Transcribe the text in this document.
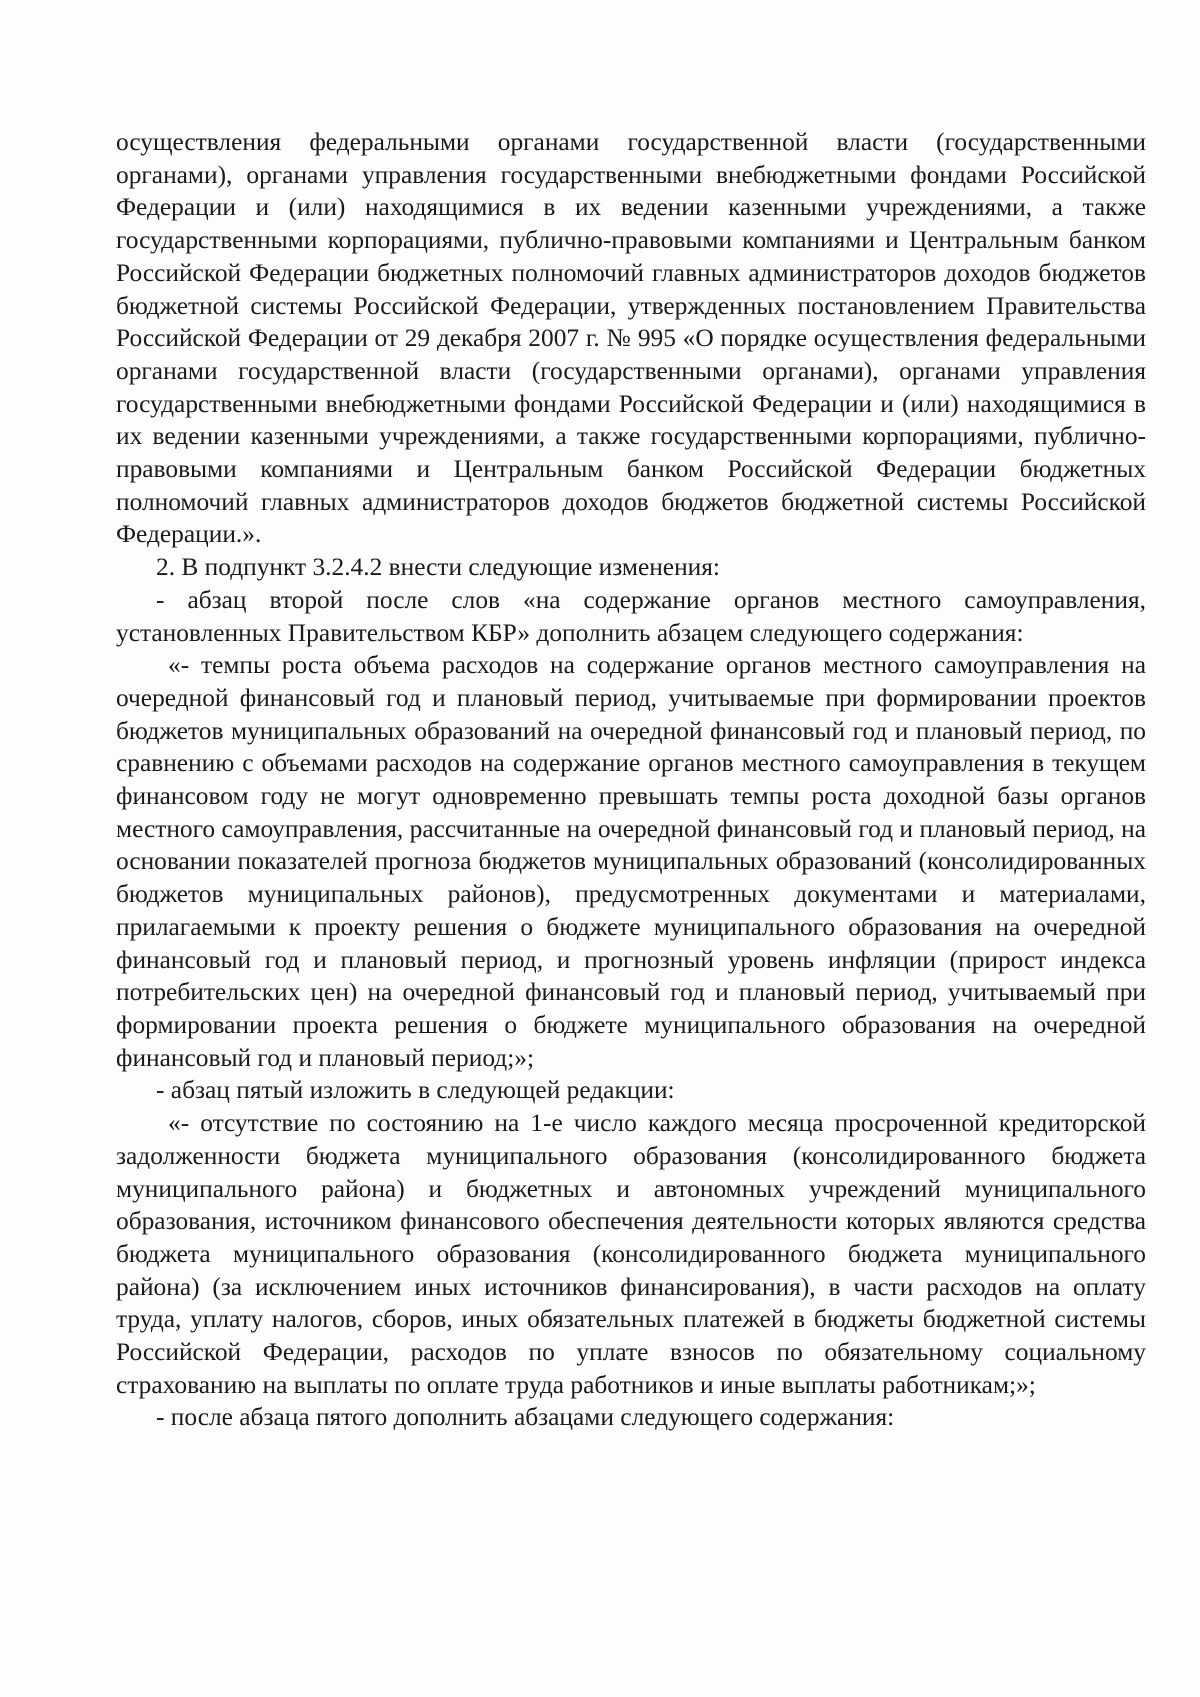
осуществления федеральными органами государственной власти (государственными органами), органами управления государственными внебюджетными фондами Российской Федерации и (или) находящимися в их ведении казенными учреждениями, а также государственными корпорациями, публично-правовыми компаниями и Центральным банком Российской Федерации бюджетных полномочий главных администраторов доходов бюджетов бюджетной системы Российской Федерации, утвержденных постановлением Правительства Российской Федерации от 29 декабря 2007 г. № 995 «О порядке осуществления федеральными органами государственной власти (государственными органами), органами управления государственными внебюджетными фондами Российской Федерации и (или) находящимися в их ведении казенными учреждениями, а также государственными корпорациями, публично-правовыми компаниями и Центральным банком Российской Федерации бюджетных полномочий главных администраторов доходов бюджетов бюджетной системы Российской Федерации.».

2. В подпункт 3.2.4.2 внести следующие изменения:

- абзац второй после слов «на содержание органов местного самоуправления, установленных Правительством КБР» дополнить абзацем следующего содержания:

«- темпы роста объема расходов на содержание органов местного самоуправления на очередной финансовый год и плановый период, учитываемые при формировании проектов бюджетов муниципальных образований на очередной финансовый год и плановый период, по сравнению с объемами расходов на содержание органов местного самоуправления в текущем финансовом году не могут одновременно превышать темпы роста доходной базы органов местного самоуправления, рассчитанные на очередной финансовый год и плановый период, на основании показателей прогноза бюджетов муниципальных образований (консолидированных бюджетов муниципальных районов), предусмотренных документами и материалами, прилагаемыми к проекту решения о бюджете муниципального образования на очередной финансовый год и плановый период, и прогнозный уровень инфляции (прирост индекса потребительских цен) на очередной финансовый год и плановый период, учитываемый при формировании проекта решения о бюджете муниципального образования на очередной финансовый год и плановый период;»;

- абзац пятый изложить в следующей редакции:

«- отсутствие по состоянию на 1-е число каждого месяца просроченной кредиторской задолженности бюджета муниципального образования (консолидированного бюджета муниципального района) и бюджетных и автономных учреждений муниципального образования, источником финансового обеспечения деятельности которых являются средства бюджета муниципального образования (консолидированного бюджета муниципального района) (за исключением иных источников финансирования), в части расходов на оплату труда, уплату налогов, сборов, иных обязательных платежей в бюджеты бюджетной системы Российской Федерации, расходов по уплате взносов по обязательному социальному страхованию на выплаты по оплате труда работников и иные выплаты работникам;»;

- после абзаца пятого дополнить абзацами следующего содержания:
